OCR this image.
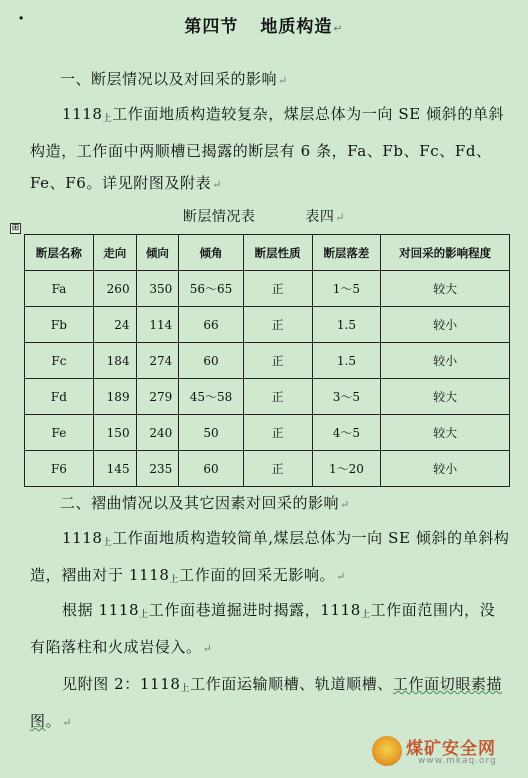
·	第四节 地质构造↵
一、断层情况以及对回采的影响↵
$1118_上$工作面地质构造较复杂，煤层总体为一向 SE 倾斜的单斜构造，工作面中两顺槽已揭露的断层有 6 条，Fa、Fb、Fc、Fd、Fe、F6。详见附图及附表↵
⊞
断层情况表	表四↵
断层名称	走向	倾向	倾角	断层性质	断层落差	对回采的影响程度
Fa	260	350	56～65	正	1～5	较大
Fb	24	114	66	正	1.5	较小
Fc	184	274	60	正	1.5	较小
Fd	189	279	45～58	正	3～5	较大
Fe	150	240	50	正	4～5	较大
F6	145	235	60	正	1～20	较小
二、褶曲情况以及其它因素对回采的影响↵
$1118_上$工作面地质构造较简单,煤层总体为一向 SE 倾斜的单斜构造，褶曲对于 $1118_上$工作面的回采无影响。↵
根据 $1118_上$工作面巷道掘进时揭露，$1118_上$工作面范围内，没有陷落柱和火成岩侵入。↵
见附图 2：$1118_上$工作面运输顺槽、轨道顺槽、工作面切眼素描图。↵
煤矿安全网
www.mkaq.org
